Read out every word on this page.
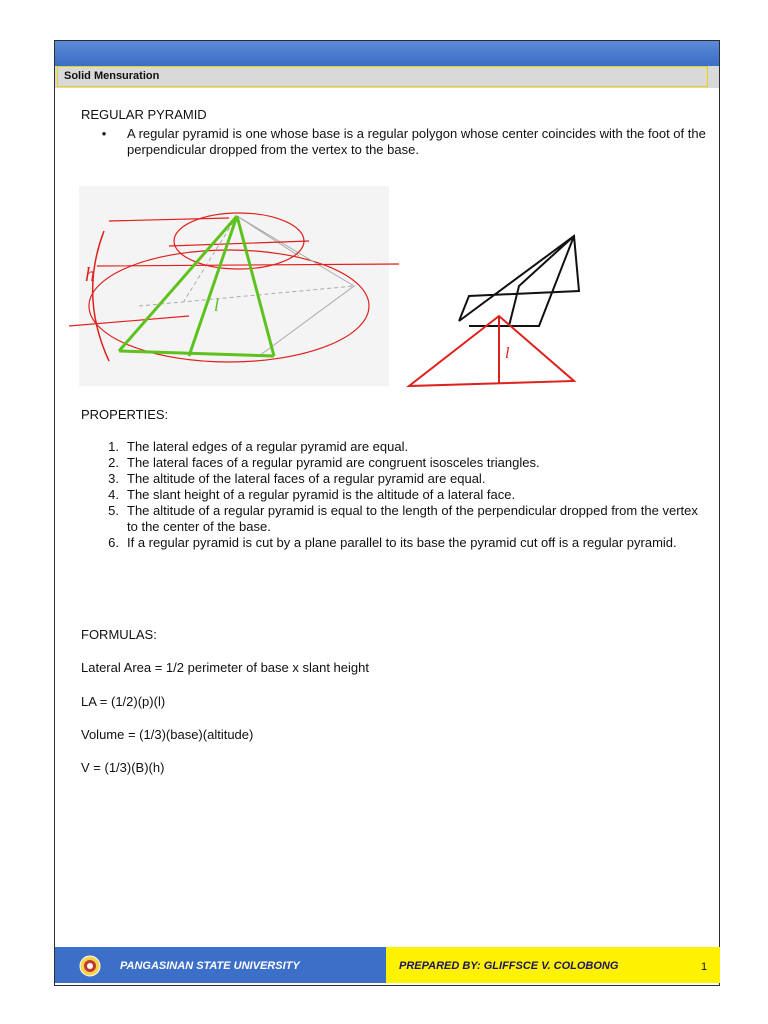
Solid Mensuration

REGULAR PYRAMID

•	A regular pyramid is one whose base is a regular polygon whose center coincides with the foot of the perpendicular dropped from the vertex to the base.
h
l
l
PROPERTIES:
1. The lateral edges of a regular pyramid are equal.
2. The lateral faces of a regular pyramid are congruent isosceles triangles.
3. The altitude of the lateral faces of a regular pyramid are equal.
4. The slant height of a regular pyramid is the altitude of a lateral face.
5. The altitude of a regular pyramid is equal to the length of the perpendicular dropped from the vertex to the center of the base.
6. If a regular pyramid is cut by a plane parallel to its base the pyramid cut off is a regular pyramid.
FORMULAS:
Lateral Area = 1/2 perimeter of base x slant height
LA = (1/2)(p)(l)
Volume = (1/3)(base)(altitude)
V = (1/3)(B)(h)
PANGASINAN STATE UNIVERSITY	PREPARED BY: GLIFFSCE V. COLOBONG	1
